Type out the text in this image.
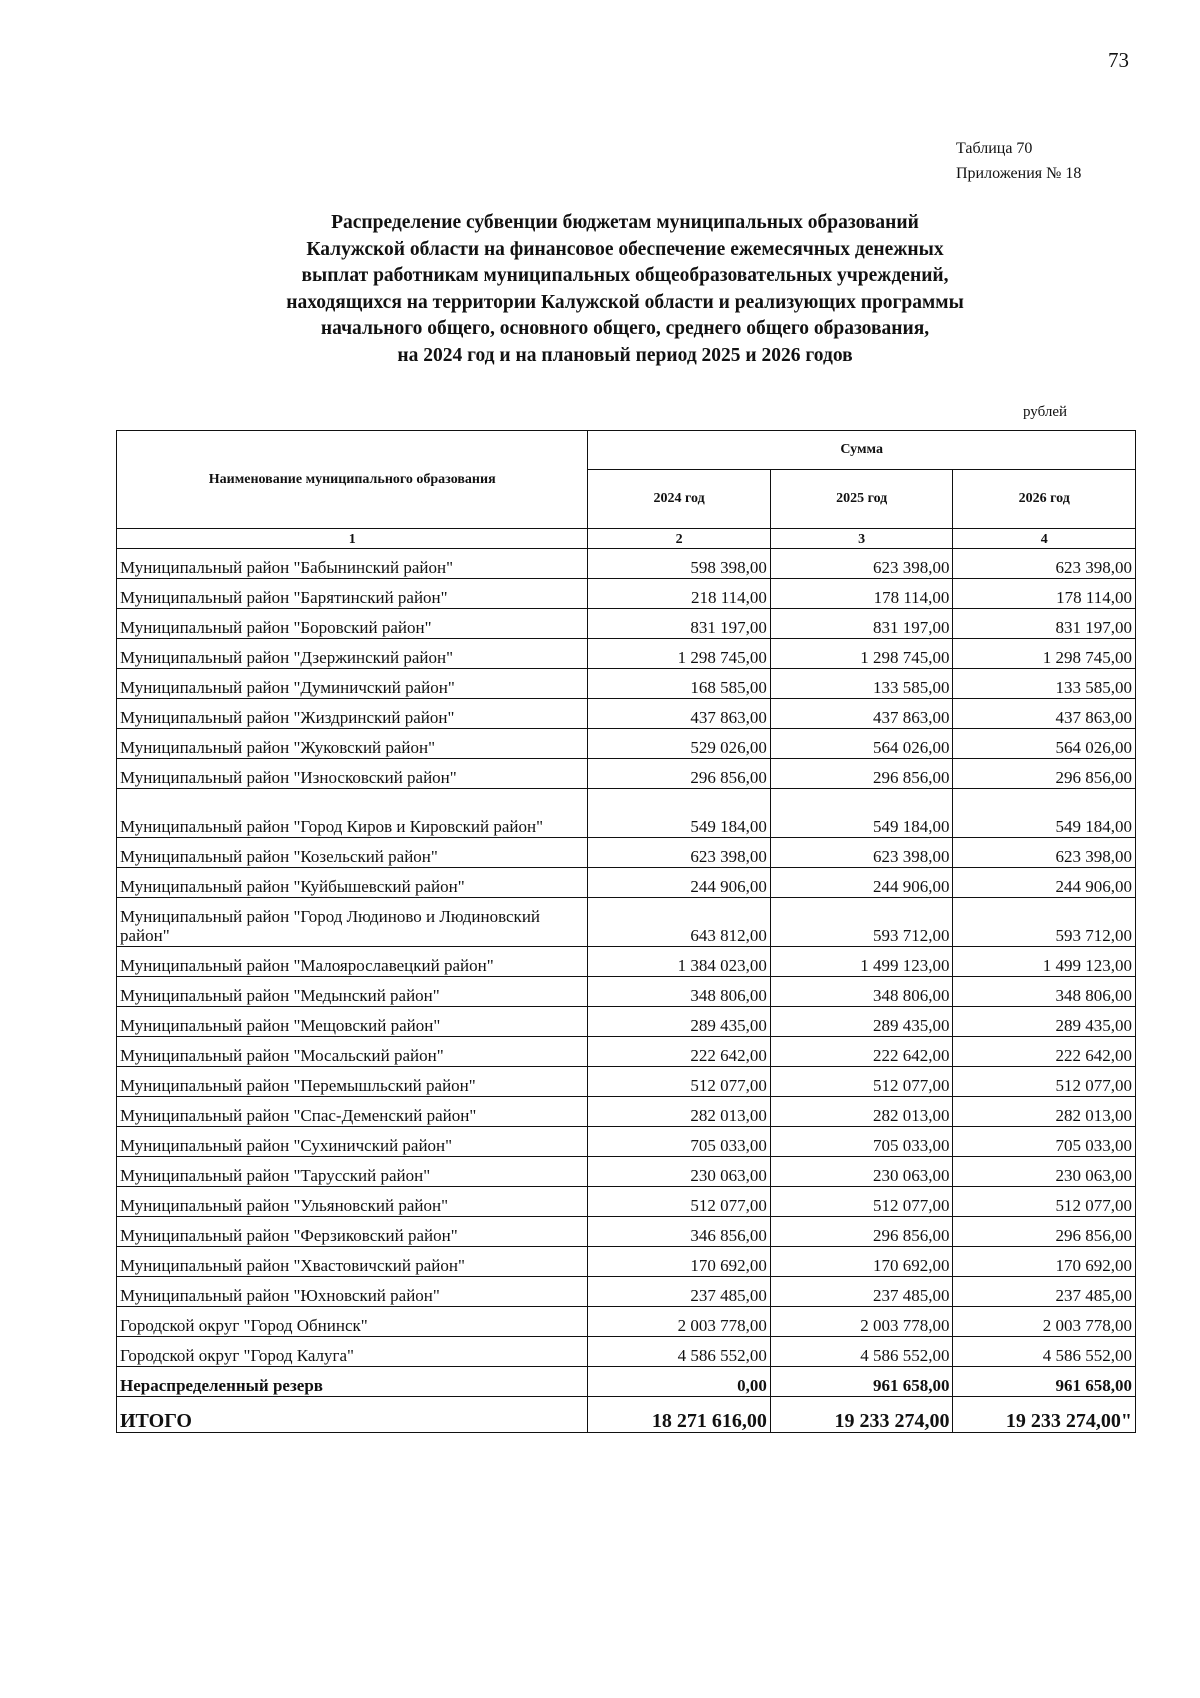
73
Таблица 70
Приложения № 18
Распределение субвенции бюджетам муниципальных образований
Калужской области на финансовое обеспечение ежемесячных денежных
выплат работникам муниципальных общеобразовательных учреждений,
находящихся на территории Калужской области и реализующих программы
начального общего, основного общего, среднего общего образования,
на 2024 год и на плановый период 2025 и 2026 годов
рублей
Наименование муниципального образования	Сумма		
	2024 год	2025 год	2026 год
1	2	3	4
Муниципальный район "Бабынинский район"	598 398,00	623 398,00	623 398,00
Муниципальный район "Барятинский район"	218 114,00	178 114,00	178 114,00
Муниципальный район "Боровский район"	831 197,00	831 197,00	831 197,00
Муниципальный район "Дзержинский район"	1 298 745,00	1 298 745,00	1 298 745,00
Муниципальный район "Думиничский район"	168 585,00	133 585,00	133 585,00
Муниципальный район "Жиздринский район"	437 863,00	437 863,00	437 863,00
Муниципальный район "Жуковский район"	529 026,00	564 026,00	564 026,00
Муниципальный район "Износковский район"	296 856,00	296 856,00	296 856,00
Муниципальный район "Город Киров и Кировский район"	549 184,00	549 184,00	549 184,00
Муниципальный район "Козельский район"	623 398,00	623 398,00	623 398,00
Муниципальный район "Куйбышевский район"	244 906,00	244 906,00	244 906,00
Муниципальный район "Город Людиново и Людиновский район"	643 812,00	593 712,00	593 712,00
Муниципальный район "Малоярославецкий район"	1 384 023,00	1 499 123,00	1 499 123,00
Муниципальный район "Медынский район"	348 806,00	348 806,00	348 806,00
Муниципальный район "Мещовский район"	289 435,00	289 435,00	289 435,00
Муниципальный район "Мосальский район"	222 642,00	222 642,00	222 642,00
Муниципальный район "Перемышльский район"	512 077,00	512 077,00	512 077,00
Муниципальный район "Спас-Деменский район"	282 013,00	282 013,00	282 013,00
Муниципальный район "Сухиничский район"	705 033,00	705 033,00	705 033,00
Муниципальный район "Тарусский район"	230 063,00	230 063,00	230 063,00
Муниципальный район "Ульяновский район"	512 077,00	512 077,00	512 077,00
Муниципальный район "Ферзиковский район"	346 856,00	296 856,00	296 856,00
Муниципальный район "Хвастовичский район"	170 692,00	170 692,00	170 692,00
Муниципальный район "Юхновский район"	237 485,00	237 485,00	237 485,00
Городской округ "Город Обнинск"	2 003 778,00	2 003 778,00	2 003 778,00
Городской округ "Город Калуга"	4 586 552,00	4 586 552,00	4 586 552,00
Нераспределенный резерв	0,00	961 658,00	961 658,00
ИТОГО	18 271 616,00	19 233 274,00	19 233 274,00"
